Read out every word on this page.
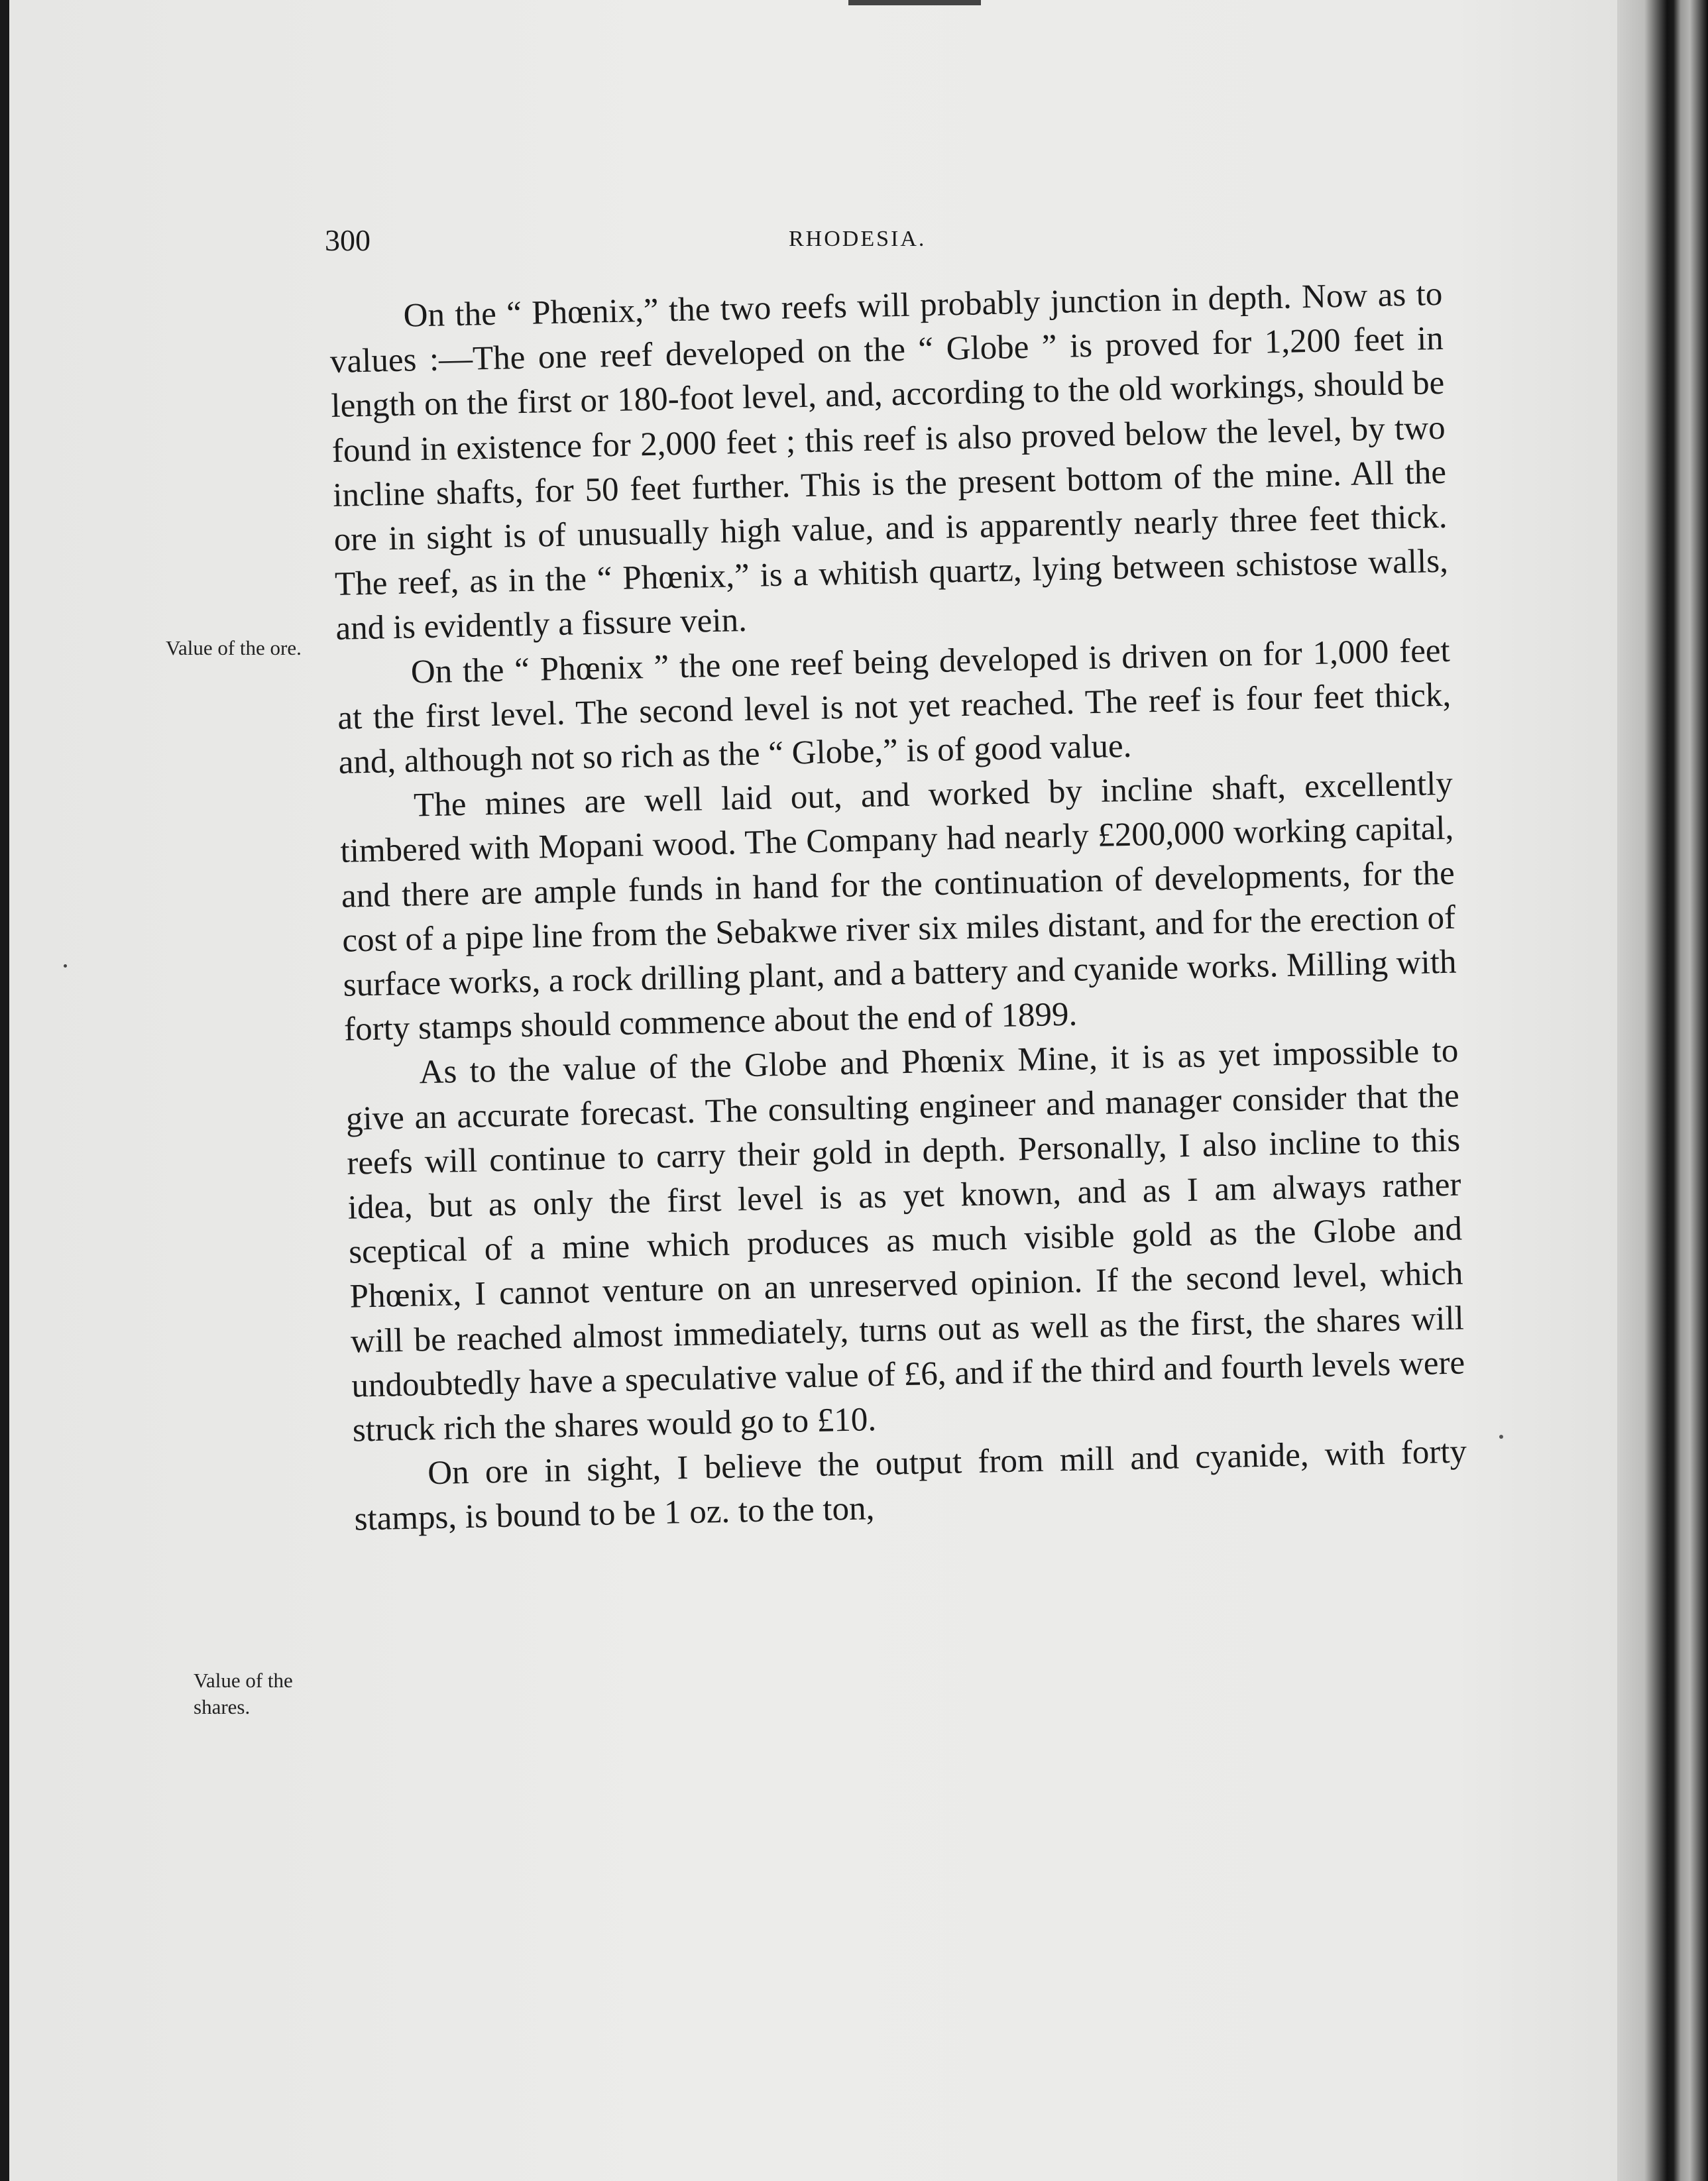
300	RHODESIA.
Value of the ore.
Value of the shares.

On the “ Phœnix,” the two reefs will probably junction in depth. Now as to values :—The one reef developed on the “ Globe ” is proved for 1,200 feet in length on the first or 180-foot level, and, according to the old workings, should be found in existence for 2,000 feet ; this reef is also proved below the level, by two incline shafts, for 50 feet further. This is the present bottom of the mine. All the ore in sight is of unusually high value, and is apparently nearly three feet thick. The reef, as in the “ Phœnix,” is a whitish quartz, lying between schistose walls, and is evidently a fissure vein.

On the “ Phœnix ” the one reef being developed is driven on for 1,000 feet at the first level. The second level is not yet reached. The reef is four feet thick, and, although not so rich as the “ Globe,” is of good value.

The mines are well laid out, and worked by incline shaft, excellently timbered with Mopani wood. The Company had nearly £200,000 working capital, and there are ample funds in hand for the continuation of developments, for the cost of a pipe line from the Sebakwe river six miles distant, and for the erection of surface works, a rock drilling plant, and a battery and cyanide works. Milling with forty stamps should commence about the end of 1899.

As to the value of the Globe and Phœnix Mine, it is as yet impossible to give an accurate forecast. The consulting engineer and manager consider that the reefs will continue to carry their gold in depth. Personally, I also incline to this idea, but as only the first level is as yet known, and as I am always rather sceptical of a mine which produces as much visible gold as the Globe and Phœnix, I cannot venture on an unreserved opinion. If the second level, which will be reached almost immediately, turns out as well as the first, the shares will undoubtedly have a speculative value of £6, and if the third and fourth levels were struck rich the shares would go to £10.

On ore in sight, I believe the output from mill and cyanide, with forty stamps, is bound to be 1 oz. to the ton,
